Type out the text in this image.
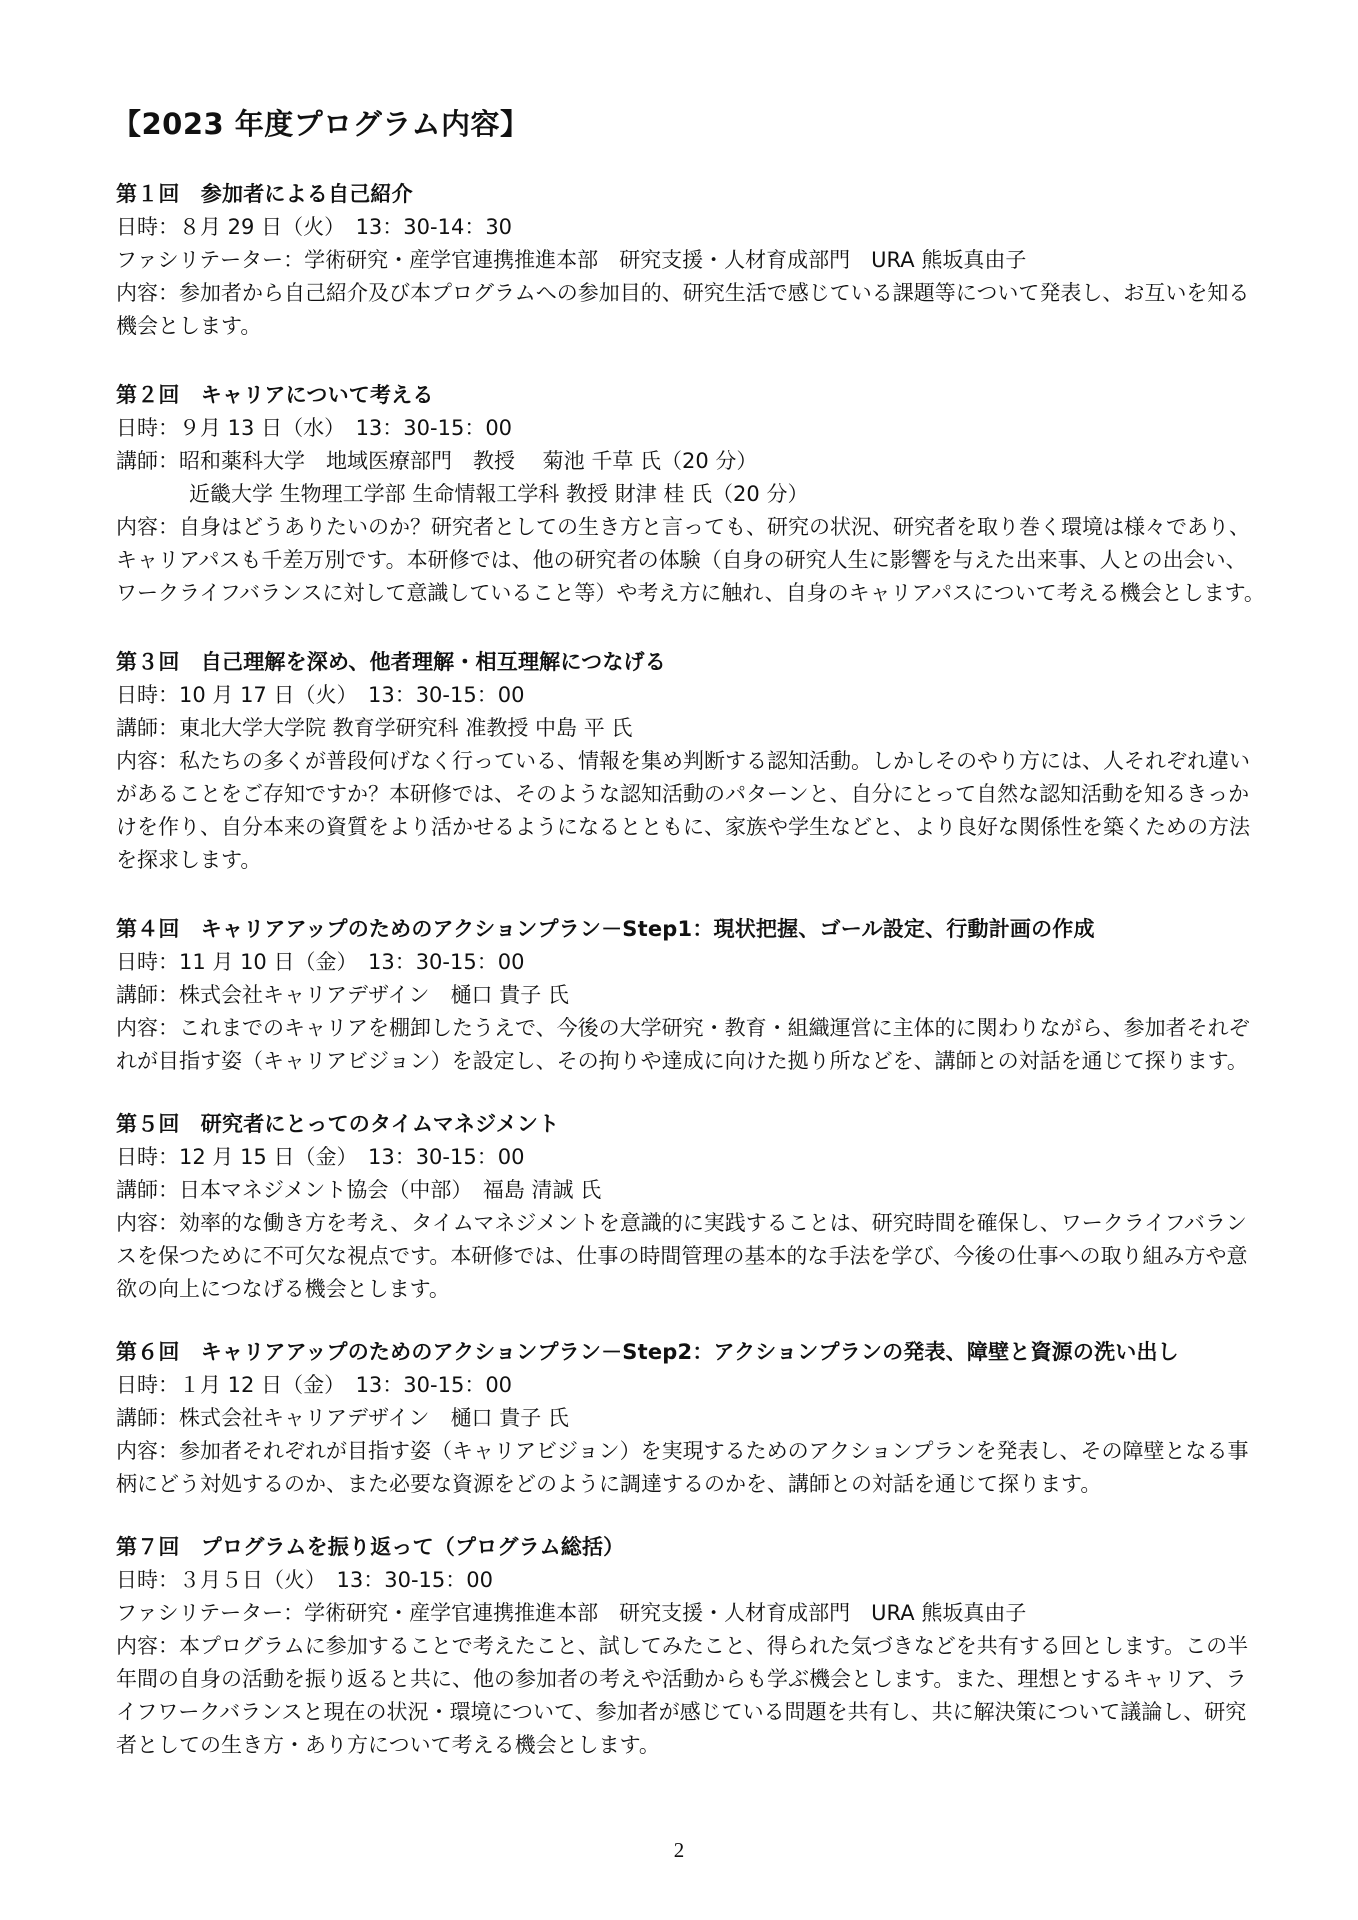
【2023 年度プログラム内容】
第１回　参加者による自己紹介
日時：８月 29 日（火）　13：30-14：30
ファシリテーター：学術研究・産学官連携推進本部　研究支援・人材育成部門　URA 熊坂真由子
内容：参加者から自己紹介及び本プログラムへの参加目的、研究生活で感じている課題等について発表し、お互いを知る機会とします。
第２回　キャリアについて考える
日時：９月 13 日（水）　13：30-15：00
講師：昭和薬科大学　地域医療部門　教授　 菊池 千草 氏（20 分）
近畿大学 生物理工学部 生命情報工学科 教授 財津 桂 氏（20 分）
内容：自身はどうありたいのか？研究者としての生き方と言っても、研究の状況、研究者を取り巻く環境は様々であり、キャリアパスも千差万別です。本研修では、他の研究者の体験（自身の研究人生に影響を与えた出来事、人との出会い、ワークライフバランスに対して意識していること等）や考え方に触れ、自身のキャリアパスについて考える機会とします。
第３回　自己理解を深め、他者理解・相互理解につなげる
日時：10 月 17 日（火）　13：30-15：00
講師：東北大学大学院 教育学研究科 准教授 中島 平 氏
内容：私たちの多くが普段何げなく行っている、情報を集め判断する認知活動。しかしそのやり方には、人それぞれ違いがあることをご存知ですか？本研修では、そのような認知活動のパターンと、自分にとって自然な認知活動を知るきっかけを作り、自分本来の資質をより活かせるようになるとともに、家族や学生などと、より良好な関係性を築くための方法を探求します。
第４回　キャリアアップのためのアクションプラン－Step1：現状把握、ゴール設定、行動計画の作成
日時：11 月 10 日（金）　13：30-15：00
講師：株式会社キャリアデザイン　樋口 貴子 氏
内容：これまでのキャリアを棚卸したうえで、今後の大学研究・教育・組織運営に主体的に関わりながら、参加者それぞれが目指す姿（キャリアビジョン）を設定し、その拘りや達成に向けた拠り所などを、講師との対話を通じて探ります。
第５回　研究者にとってのタイムマネジメント
日時：12 月 15 日（金）　13：30-15：00
講師：日本マネジメント協会（中部）　福島 清誠 氏
内容：効率的な働き方を考え、タイムマネジメントを意識的に実践することは、研究時間を確保し、ワークライフバランスを保つために不可欠な視点です。本研修では、仕事の時間管理の基本的な手法を学び、今後の仕事への取り組み方や意欲の向上につなげる機会とします。
第６回　キャリアアップのためのアクションプラン－Step2：アクションプランの発表、障壁と資源の洗い出し
日時：１月 12 日（金）　13：30-15：00
講師：株式会社キャリアデザイン　樋口 貴子 氏
内容：参加者それぞれが目指す姿（キャリアビジョン）を実現するためのアクションプランを発表し、その障壁となる事柄にどう対処するのか、また必要な資源をどのように調達するのかを、講師との対話を通じて探ります。
第７回　プログラムを振り返って（プログラム総括）
日時：３月５日（火）　13：30-15：00
ファシリテーター：学術研究・産学官連携推進本部　研究支援・人材育成部門　URA 熊坂真由子
内容：本プログラムに参加することで考えたこと、試してみたこと、得られた気づきなどを共有する回とします。この半年間の自身の活動を振り返ると共に、他の参加者の考えや活動からも学ぶ機会とします。また、理想とするキャリア、ライフワークバランスと現在の状況・環境について、参加者が感じている問題を共有し、共に解決策について議論し、研究者としての生き方・あり方について考える機会とします。
2
